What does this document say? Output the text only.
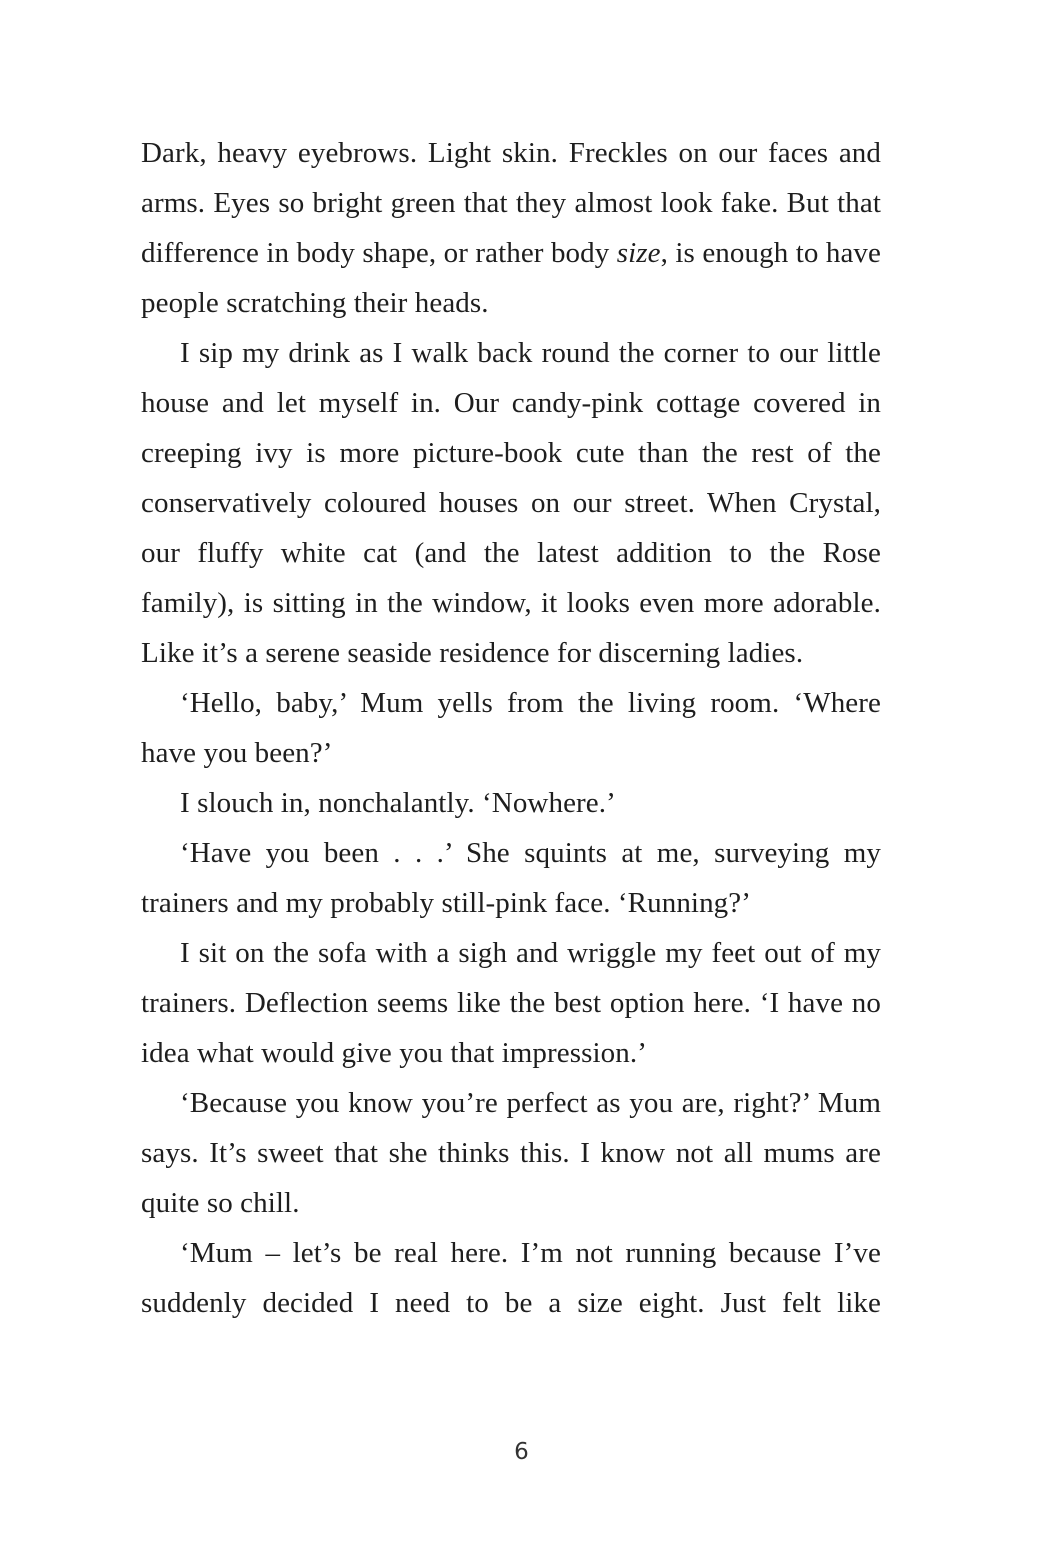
Dark, heavy eyebrows. Light skin. Freckles on our faces and arms. Eyes so bright green that they almost look fake. But that difference in body shape, or rather body size, is enough to have people scratching their heads.

I sip my drink as I walk back round the corner to our little house and let myself in. Our candy-pink cottage covered in creeping ivy is more picture-book cute than the rest of the conservatively coloured houses on our street. When Crystal, our fluffy white cat (and the latest addition to the Rose family), is sitting in the window, it looks even more adorable. Like it’s a serene seaside residence for discerning ladies.

‘Hello, baby,’ Mum yells from the living room. ‘Where have you been?’

I slouch in, nonchalantly. ‘Nowhere.’

‘Have you been . . .’ She squints at me, surveying my trainers and my probably still-pink face. ‘Running?’

I sit on the sofa with a sigh and wriggle my feet out of my trainers. Deflection seems like the best option here. ‘I have no idea what would give you that impression.’

‘Because you know you’re perfect as you are, right?’ Mum says. It’s sweet that she thinks this. I know not all mums are quite so chill.

‘Mum – let’s be real here. I’m not running because I’ve suddenly decided I need to be a size eight. Just felt like

6
